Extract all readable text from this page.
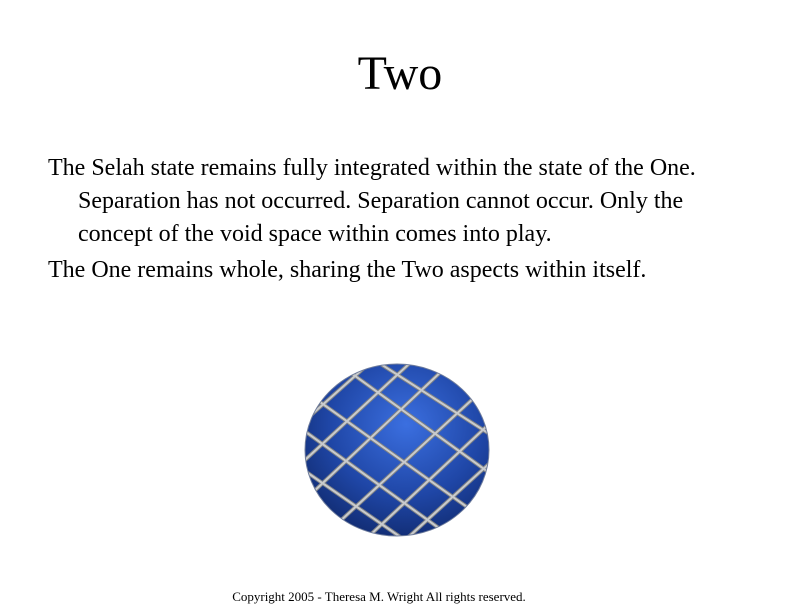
Two

The Selah state remains fully integrated within the state of the One. Separation has not occurred. Separation cannot occur. Only the concept of the void space within comes into play.

The One remains whole, sharing the Two aspects within itself.

Copyright 2005 - Theresa M. Wright All rights reserved.
